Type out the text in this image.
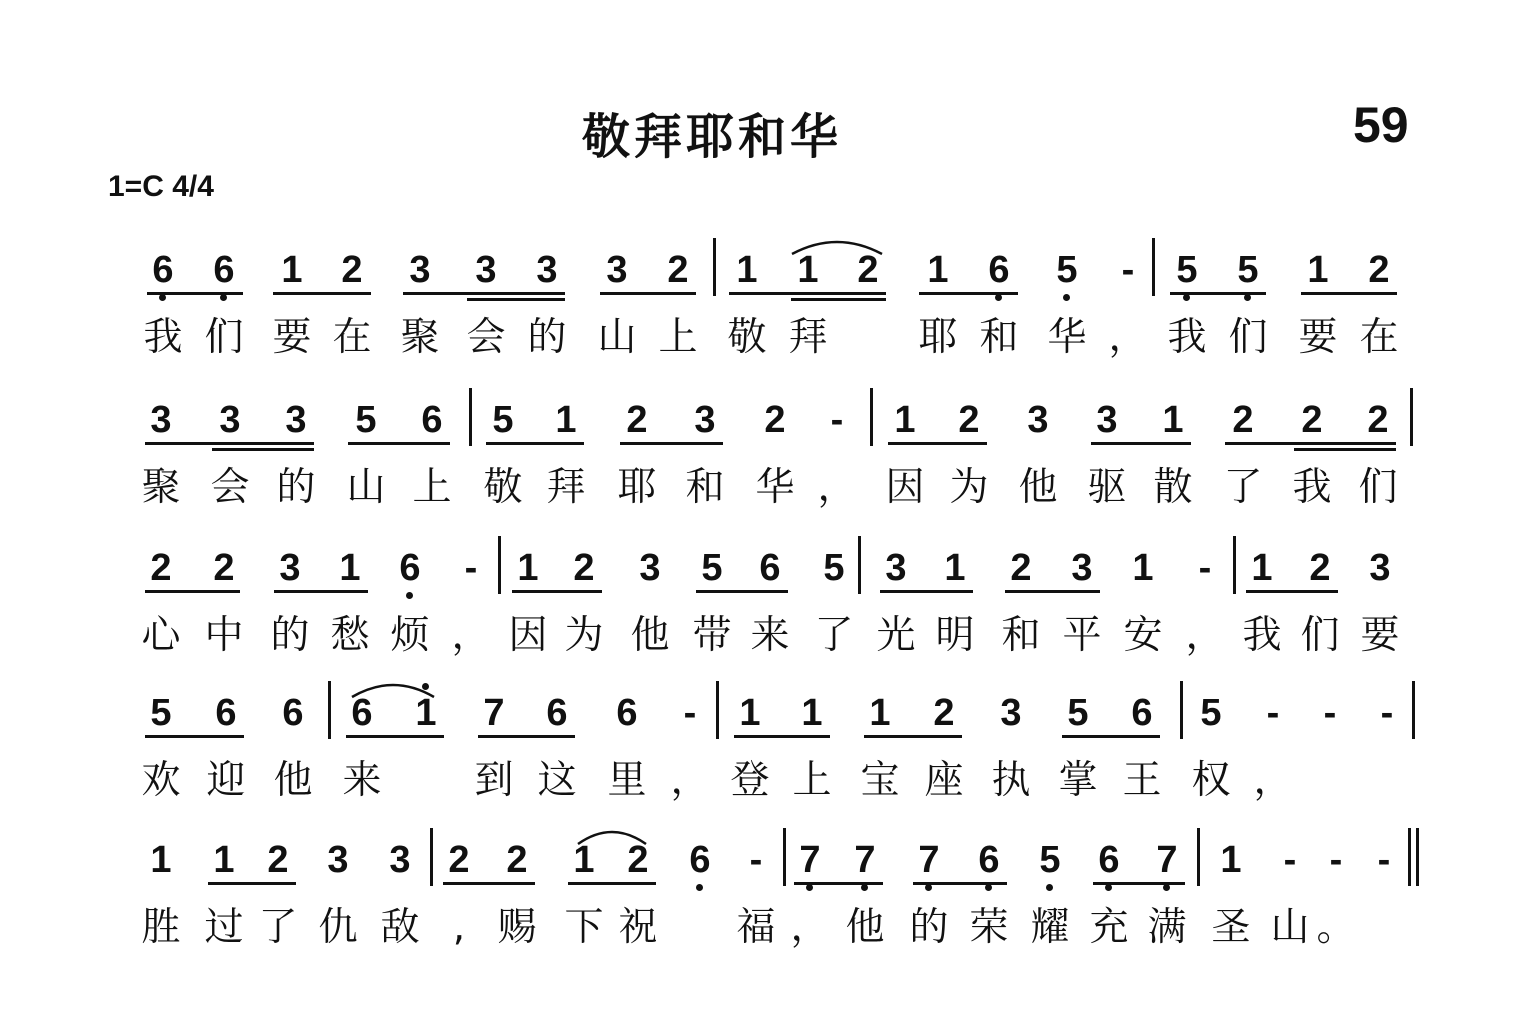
敬拜耶和华	59
1=C 4/4
6 6 1 2 3 3 3 3 2 1 1 2 1 6 5	-	5 5 1 2
我 们 要 在 聚 会 的 山 上 敬 拜 耶 和 华 ， 我 们 要 在
3 3 3 5 6 5 1 2 3 2	-	1 2 3 3 1 2 2 2
聚 会 的 山 上 敬 拜 耶 和 华 ， 因 为 他 驱 散 了 我 们
2 2 3 1 6	-	1 2 3 5 6 5 3 1 2 3 1	-	1 2 3
心 中 的 愁 烦 ， 因 为 他 带 来 了 光 明 和 平 安 ， 我 们 要
5 6 6 6 1 7 6 6	-	1 1 1 2 3 5 6 5	-	-	-
欢 迎 他 来 到 这 里 ， 登 上 宝 座 执 掌 王 权 ，
1 1 2 3 3 2 2 1 2 6	- 7 7 7 6 5 6 7 1	- - -
胜 过 了 仇 敌 , 赐 下 祝 福 ， 他 的 荣 耀 充 满 圣 山 。
